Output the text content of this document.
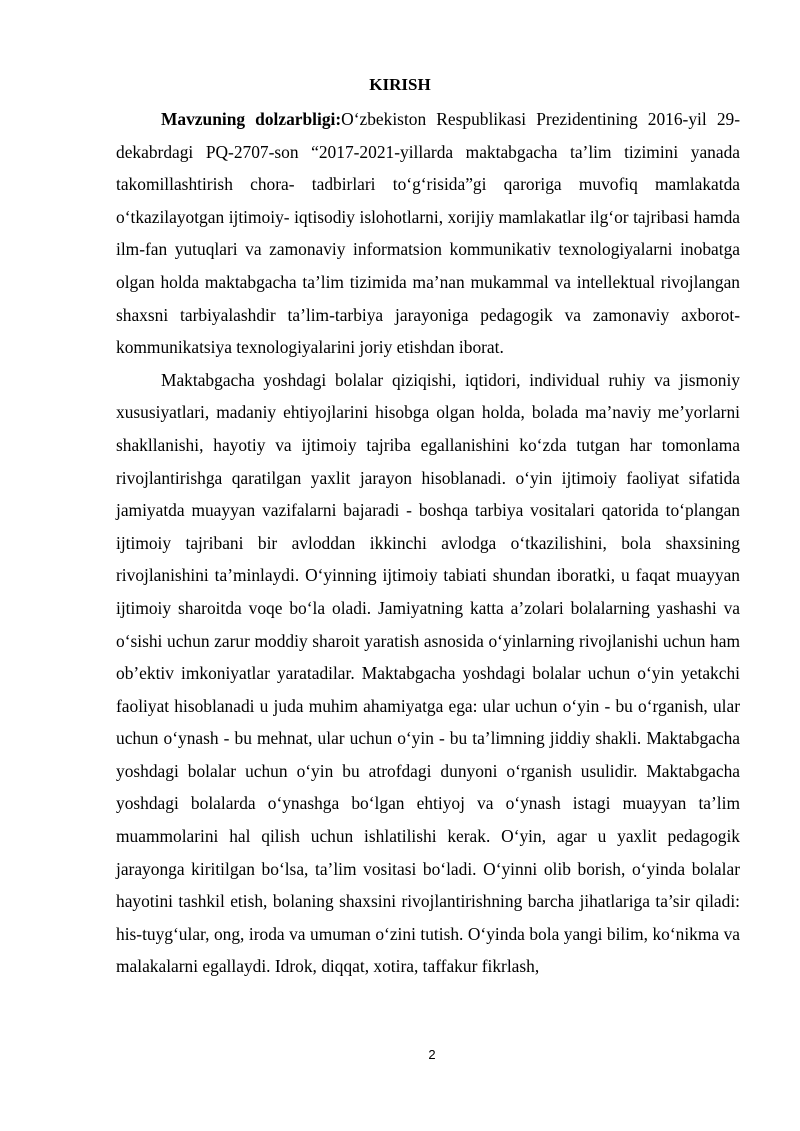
KIRISH

Mavzuning dolzarbligi:O‘zbekiston Respublikasi Prezidentining 2016-yil 29- dekabrdagi PQ-2707-son “2017-2021-yillarda maktabgacha ta’lim tizimini yanada takomillashtirish chora- tadbirlari to‘g‘risida”gi qaroriga muvofiq mamlakatda o‘tkazilayotgan ijtimoiy- iqtisodiy islohotlarni, xorijiy mamlakatlar ilg‘or tajribasi hamda ilm-fan yutuqlari va zamonaviy informatsion kommunikativ texnologiyalarni inobatga olgan holda maktabgacha ta’lim tizimida ma’nan mukammal va intellektual rivojlangan shaxsni tarbiyalashdir ta’lim-tarbiya jarayoniga pedagogik va zamonaviy axborot- kommunikatsiya texnologiyalarini joriy etishdan iborat.

Maktabgacha yoshdagi bolalar qiziqishi, iqtidori, individual ruhiy va jismoniy xususiyatlari, madaniy ehtiyojlarini hisobga olgan holda, bolada ma’naviy me’yorlarni shakllanishi, hayotiy va ijtimoiy tajriba egallanishini ko‘zda tutgan har tomonlama rivojlantirishga qaratilgan yaxlit jarayon hisoblanadi. o‘yin ijtimoiy faoliyat sifatida jamiyatda muayyan vazifalarni bajaradi - boshqa tarbiya vositalari qatorida to‘plangan ijtimoiy tajribani bir avloddan ikkinchi avlodga o‘tkazilishini, bola shaxsining rivojlanishini ta’minlaydi. O‘yinning ijtimoiy tabiati shundan iboratki, u faqat muayyan ijtimoiy sharoitda voqe bo‘la oladi. Jamiyatning katta a’zolari bolalarning yashashi va o‘sishi uchun zarur moddiy sharoit yaratish asnosida o‘yinlarning rivojlanishi uchun ham ob’ektiv imkoniyatlar yaratadilar. Maktabgacha yoshdagi bolalar uchun o‘yin yetakchi faoliyat hisoblanadi u juda muhim ahamiyatga ega: ular uchun o‘yin - bu o‘rganish, ular uchun o‘ynash - bu mehnat, ular uchun o‘yin - bu ta’limning jiddiy shakli. Maktabgacha yoshdagi bolalar uchun o‘yin bu atrofdagi dunyoni o‘rganish usulidir. Maktabgacha yoshdagi bolalarda o‘ynashga bo‘lgan ehtiyoj va o‘ynash istagi muayyan ta’lim muammolarini hal qilish uchun ishlatilishi kerak. O‘yin, agar u yaxlit pedagogik jarayonga kiritilgan bo‘lsa, ta’lim vositasi bo‘ladi. O‘yinni olib borish, o‘yinda bolalar hayotini tashkil etish, bolaning shaxsini rivojlantirishning barcha jihatlariga ta’sir qiladi: his-tuyg‘ular, ong, iroda va umuman o‘zini tutish. O‘yinda bola yangi bilim, ko‘nikma va malakalarni egallaydi. Idrok, diqqat, xotira, taffakur fikrlash,

2
